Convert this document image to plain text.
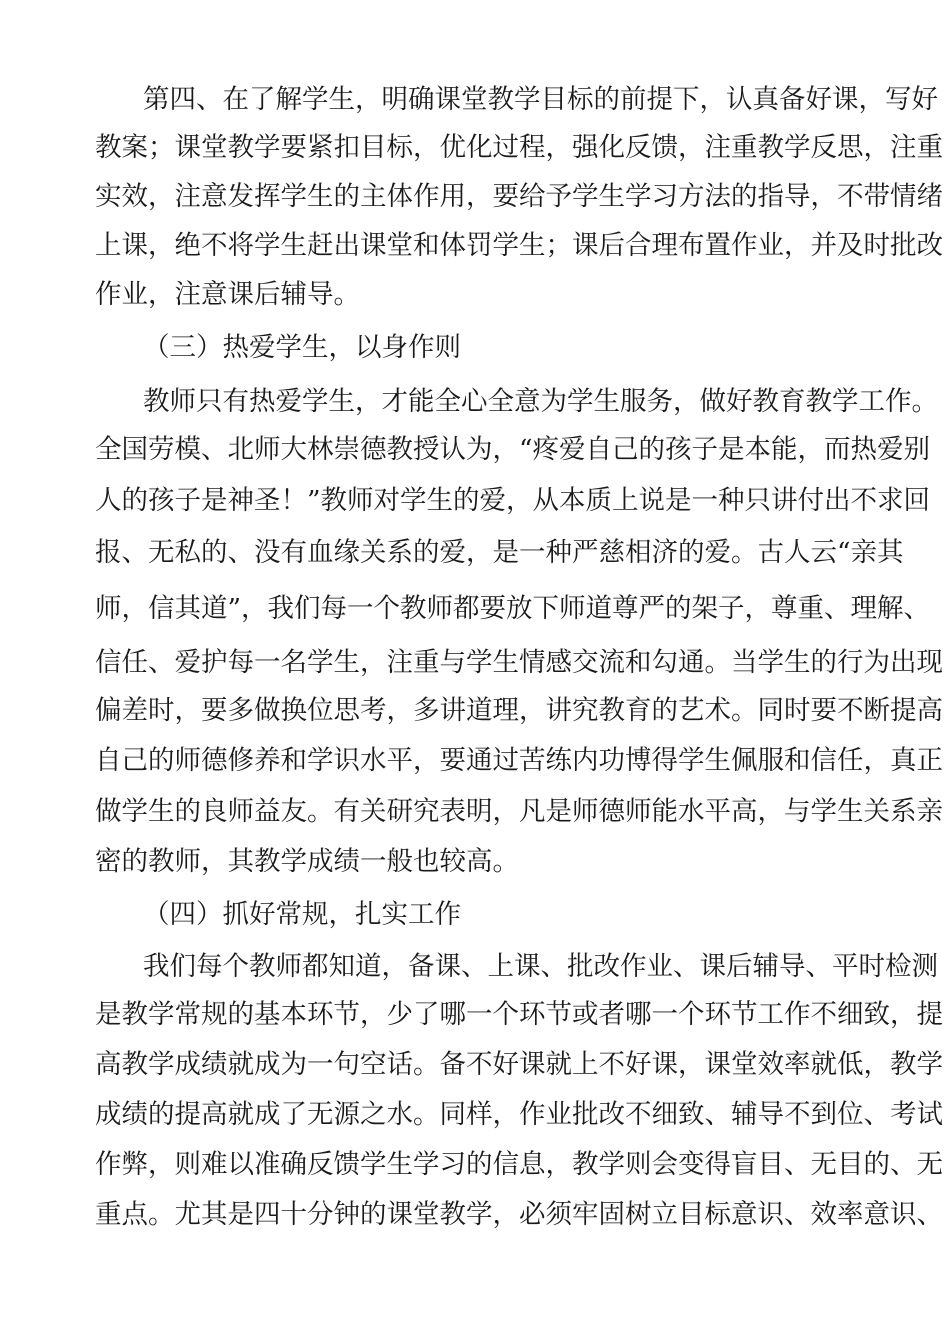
第四、在了解学生，明确课堂教学目标的前提下，认真备好课，写好
教案；课堂教学要紧扣目标，优化过程，强化反馈，注重教学反思，注重
实效，注意发挥学生的主体作用，要给予学生学习方法的指导，不带情绪
上课，绝不将学生赶出课堂和体罚学生；课后合理布置作业，并及时批改
作业，注意课后辅导。
（三）热爱学生，以身作则
教师只有热爱学生，才能全心全意为学生服务，做好教育教学工作。
全国劳模、北师大林崇德教授认为，“疼爱自己的孩子是本能，而热爱别
人的孩子是神圣！”教师对学生的爱，从本质上说是一种只讲付出不求回
报、无私的、没有血缘关系的爱，是一种严慈相济的爱。古人云“亲其
师，信其道”，我们每一个教师都要放下师道尊严的架子，尊重、理解、
信任、爱护每一名学生，注重与学生情感交流和勾通。当学生的行为出现
偏差时，要多做换位思考，多讲道理，讲究教育的艺术。同时要不断提高
自己的师德修养和学识水平，要通过苦练内功博得学生佩服和信任，真正
做学生的良师益友。有关研究表明，凡是师德师能水平高，与学生关系亲
密的教师，其教学成绩一般也较高。
（四）抓好常规，扎实工作
我们每个教师都知道，备课、上课、批改作业、课后辅导、平时检测
是教学常规的基本环节，少了哪一个环节或者哪一个环节工作不细致，提
高教学成绩就成为一句空话。备不好课就上不好课，课堂效率就低，教学
成绩的提高就成了无源之水。同样，作业批改不细致、辅导不到位、考试
作弊，则难以准确反馈学生学习的信息，教学则会变得盲目、无目的、无
重点。尤其是四十分钟的课堂教学，必须牢固树立目标意识、效率意识、
